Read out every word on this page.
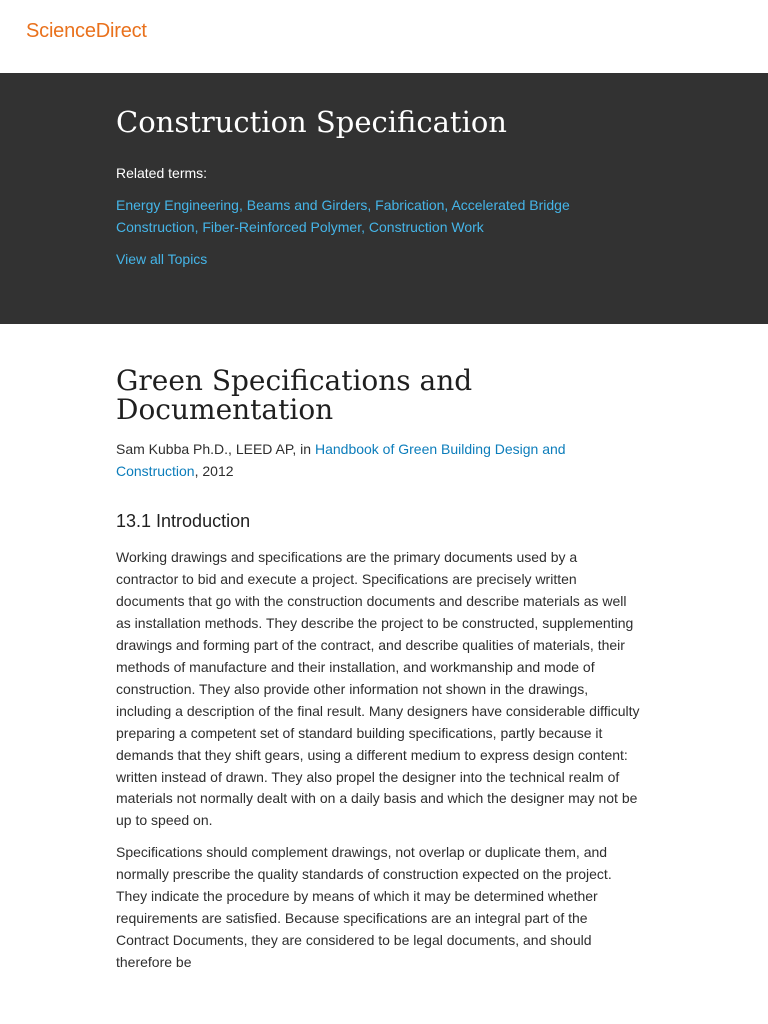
ScienceDirect
Construction Specification
Related terms:
Energy Engineering, Beams and Girders, Fabrication, Accelerated Bridge Construction, Fiber-Reinforced Polymer, Construction Work
View all Topics
Green Specifications and Documentation
Sam Kubba Ph.D., LEED AP, in Handbook of Green Building Design and Construction, 2012
13.1 Introduction

Working drawings and specifications are the primary documents used by a contractor to bid and execute a project. Specifications are precisely written documents that go with the construction documents and describe materials as well as installation methods. They describe the project to be constructed, supplementing drawings and forming part of the contract, and describe qualities of materials, their methods of manufacture and their installation, and workmanship and mode of construction. They also provide other information not shown in the drawings, including a description of the final result. Many designers have considerable difficulty preparing a competent set of standard building specifications, partly because it demands that they shift gears, using a different medium to express design content: written instead of drawn. They also propel the designer into the technical realm of materials not normally dealt with on a daily basis and which the designer may not be up to speed on.

Specifications should complement drawings, not overlap or duplicate them, and normally prescribe the quality standards of construction expected on the project. They indicate the procedure by means of which it may be determined whether requirements are satisfied. Because specifications are an integral part of the Contract Documents, they are considered to be legal documents, and should therefore be
